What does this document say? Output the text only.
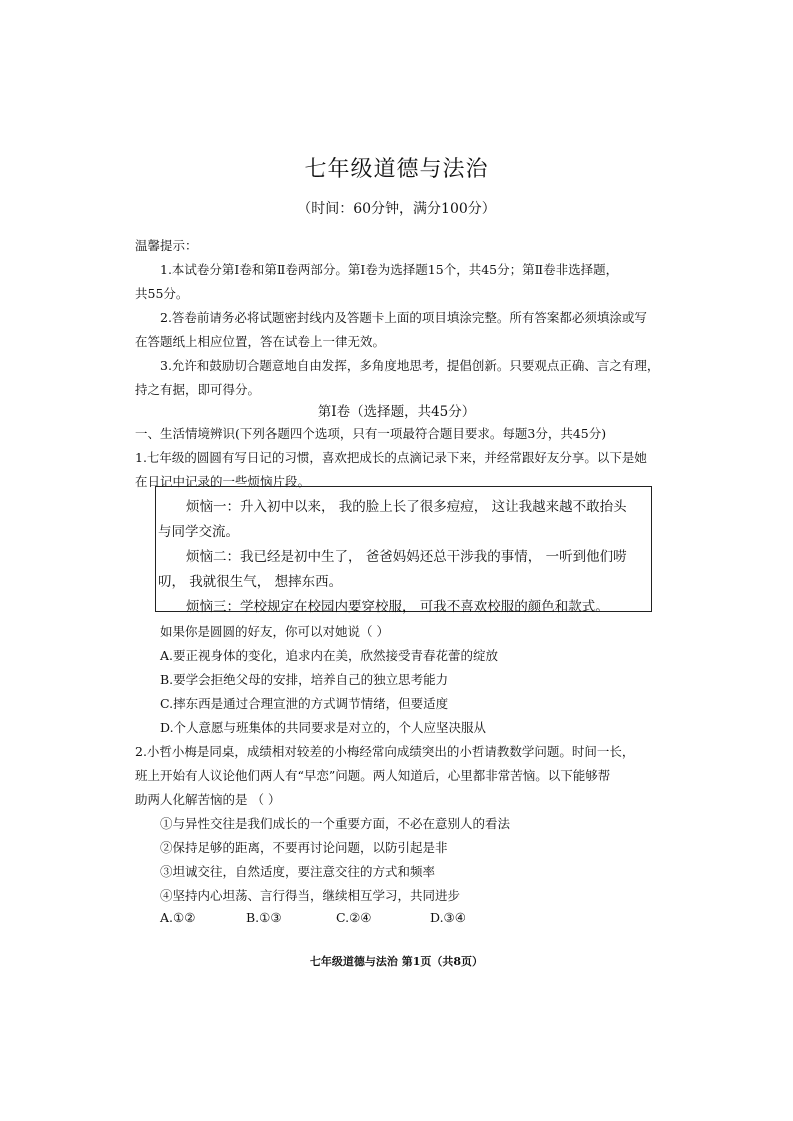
七年级道德与法治
（时间：60分钟，满分100分）
温馨提示：
1.本试卷分第Ⅰ卷和第Ⅱ卷两部分。第Ⅰ卷为选择题15个，共45分；第Ⅱ卷非选择题，
共55分。
2.答卷前请务必将试题密封线内及答题卡上面的项目填涂完整。所有答案都必须填涂或写
在答题纸上相应位置，答在试卷上一律无效。
3.允许和鼓励切合题意地自由发挥，多角度地思考，提倡创新。只要观点正确、言之有理，
持之有据，即可得分。
第Ⅰ卷（选择题，共45分）
一、生活情境辨识(下列各题四个选项，只有一项最符合题目要求。每题3分，共45分)
1.七年级的圆圆有写日记的习惯，喜欢把成长的点滴记录下来，并经常跟好友分享。以下是她
在日记中记录的一些烦恼片段。
烦恼一：升入初中以来， 我的脸上长了很多痘痘， 这让我越来越不敢抬头
与同学交流。
烦恼二：我已经是初中生了， 爸爸妈妈还总干涉我的事情， 一听到他们唠
叨， 我就很生气， 想摔东西。
烦恼三：学校规定在校园内要穿校服， 可我不喜欢校服的颜色和款式。
如果你是圆圆的好友，你可以对她说（ ）
A.要正视身体的变化，追求内在美，欣然接受青春花蕾的绽放
B.要学会拒绝父母的安排，培养自己的独立思考能力
C.摔东西是通过合理宣泄的方式调节情绪，但要适度
D.个人意愿与班集体的共同要求是对立的，个人应坚决服从
2.小哲小梅是同桌，成绩相对较差的小梅经常向成绩突出的小哲请教数学问题。时间一长，
班上开始有人议论他们两人有“早恋”问题。两人知道后，心里都非常苦恼。以下能够帮
助两人化解苦恼的是 （ ）
①与异性交往是我们成长的一个重要方面，不必在意别人的看法
②保持足够的距离，不要再讨论问题，以防引起是非
③坦诚交往，自然适度，要注意交往的方式和频率
④坚持内心坦荡、言行得当，继续相互学习，共同进步
A.①②	B.①③	C.②④	D.③④
七年级道德与法治 第1页（共8页）
